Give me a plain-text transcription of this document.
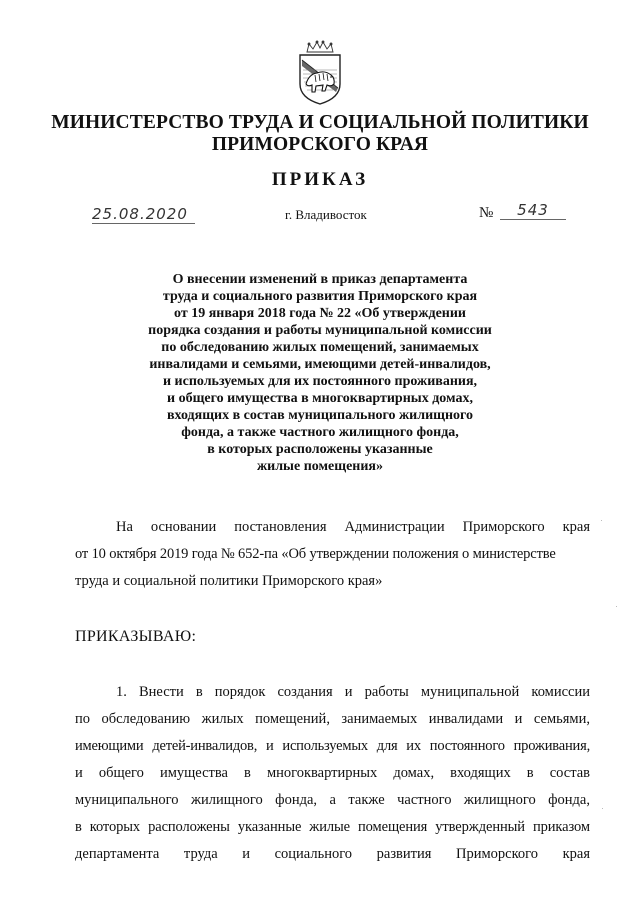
МИНИСТЕРСТВО ТРУДА И СОЦИАЛЬНОЙ ПОЛИТИКИ
ПРИМОРСКОГО КРАЯ
ПРИКАЗ
25.08.2020	г. Владивосток	№	543
О внесении изменений в приказ департамента
труда и социального развития Приморского края
от 19 января 2018 года № 22 «Об утверждении
порядка создания и работы муниципальной комиссии
по обследованию жилых помещений, занимаемых
инвалидами и семьями, имеющими детей-инвалидов,
и используемых для их постоянного проживания,
и общего имущества в многоквартирных домах,
входящих в состав муниципального жилищного
фонда, а также частного жилищного фонда,
в которых расположены указанные
жилые помещения»
На основании постановления Администрации Приморского края
от 10 октября 2019 года № 652-па «Об утверждении положения о министерстве
труда и социальной политики Приморского края»
ПРИКАЗЫВАЮ:
1. Внести в порядок создания и работы муниципальной комиссии
по обследованию жилых помещений, занимаемых инвалидами и семьями,
имеющими детей-инвалидов, и используемых для их постоянного проживания,
и общего имущества в многоквартирных домах, входящих в состав
муниципального жилищного фонда, а также частного жилищного фонда,
в которых расположены указанные жилые помещения утвержденный приказом
департамента труда и социального развития Приморского края
